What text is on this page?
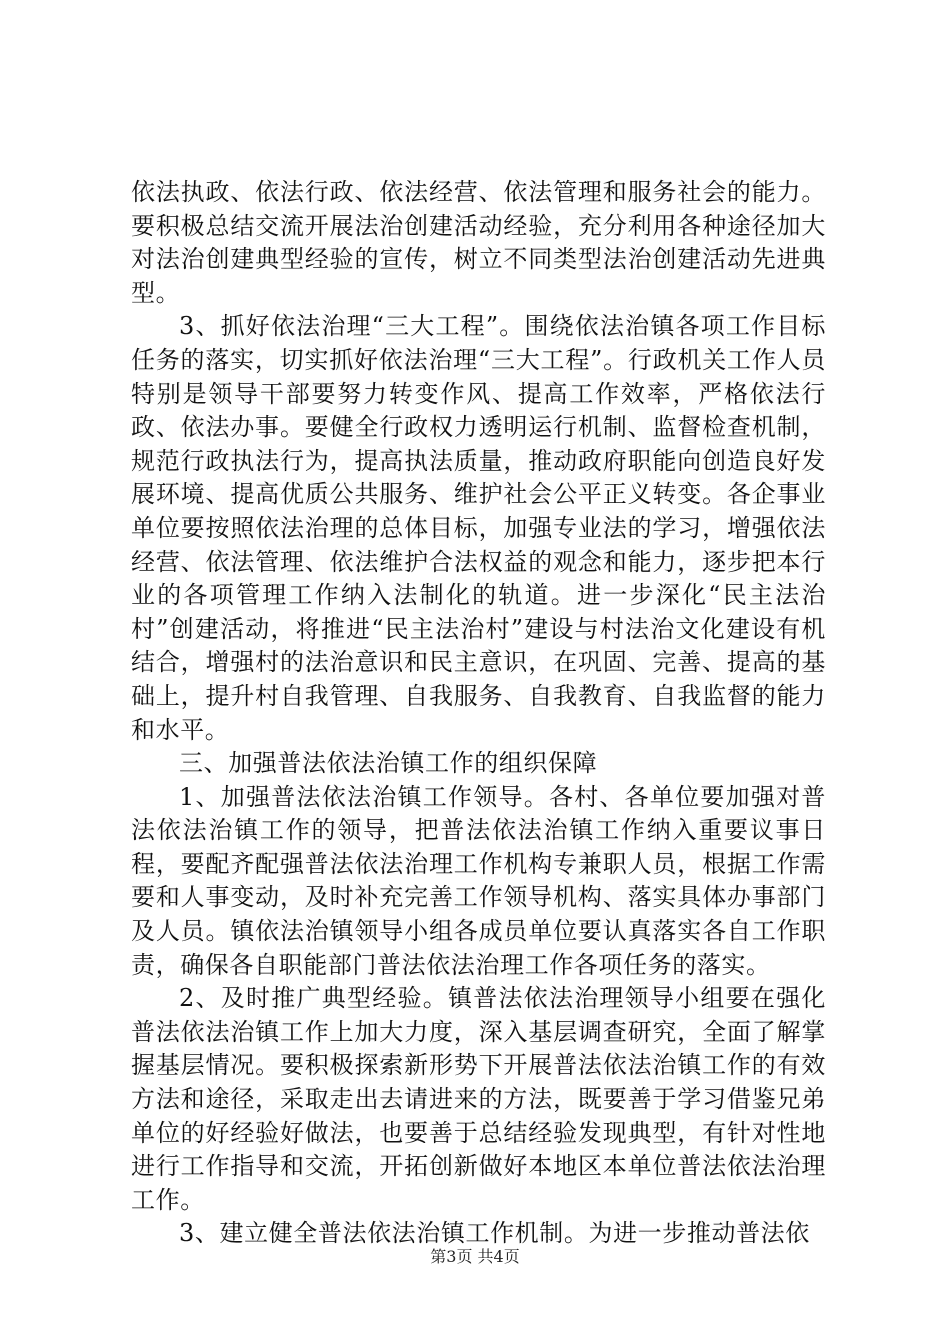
依法执政、依法行政、依法经营、依法管理和服务社会的能力。要积极总结交流开展法治创建活动经验，充分利用各种途径加大对法治创建典型经验的宣传，树立不同类型法治创建活动先进典型。

3、抓好依法治理“三大工程”。围绕依法治镇各项工作目标任务的落实，切实抓好依法治理“三大工程”。行政机关工作人员特别是领导干部要努力转变作风、提高工作效率，严格依法行政、依法办事。要健全行政权力透明运行机制、监督检查机制，规范行政执法行为，提高执法质量，推动政府职能向创造良好发展环境、提高优质公共服务、维护社会公平正义转变。各企事业单位要按照依法治理的总体目标，加强专业法的学习，增强依法经营、依法管理、依法维护合法权益的观念和能力，逐步把本行业的各项管理工作纳入法制化的轨道。进一步深化“民主法治村”创建活动，将推进“民主法治村”建设与村法治文化建设有机结合，增强村的法治意识和民主意识，在巩固、完善、提高的基础上，提升村自我管理、自我服务、自我教育、自我监督的能力和水平。

三、加强普法依法治镇工作的组织保障

1、加强普法依法治镇工作领导。各村、各单位要加强对普法依法治镇工作的领导，把普法依法治镇工作纳入重要议事日程，要配齐配强普法依法治理工作机构专兼职人员，根据工作需要和人事变动，及时补充完善工作领导机构、落实具体办事部门及人员。镇依法治镇领导小组各成员单位要认真落实各自工作职责，确保各自职能部门普法依法治理工作各项任务的落实。

2、及时推广典型经验。镇普法依法治理领导小组要在强化普法依法治镇工作上加大力度，深入基层调查研究，全面了解掌握基层情况。要积极探索新形势下开展普法依法治镇工作的有效方法和途径，采取走出去请进来的方法，既要善于学习借鉴兄弟单位的好经验好做法，也要善于总结经验发现典型，有针对性地进行工作指导和交流，开拓创新做好本地区本单位普法依法治理工作。

3、建立健全普法依法治镇工作机制。为进一步推动普法依

第3页 共4页
